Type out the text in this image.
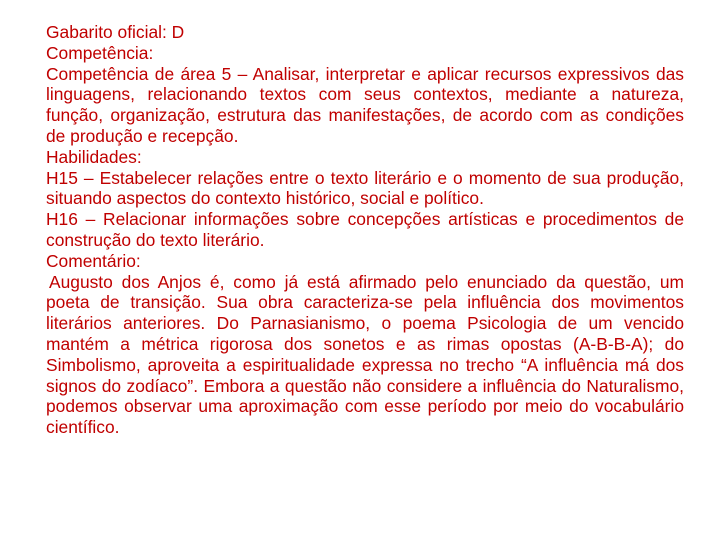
Gabarito oficial: D
Competência:
Competência de área 5 – Analisar, interpretar e aplicar recursos expressivos das linguagens, relacionando textos com seus contextos, mediante a natureza, função, organização, estrutura das manifestações, de acordo com as condições de produção e recepção.
Habilidades:
H15 – Estabelecer relações entre o texto literário e o momento de sua produção, situando aspectos do contexto histórico, social e político.
H16 – Relacionar informações sobre concepções artísticas e procedimentos de construção do texto literário.
Comentário:
Augusto dos Anjos é, como já está afirmado pelo enunciado da questão, um poeta de transição. Sua obra caracteriza-se pela influência dos movimentos literários anteriores. Do Parnasianismo, o poema Psicologia de um vencido mantém a métrica rigorosa dos sonetos e as rimas opostas (A-B-B-A); do Simbolismo, aproveita a espiritualidade expressa no trecho “A influência má dos signos do zodíaco”. Embora a questão não considere a influência do Naturalismo, podemos observar uma aproximação com esse período por meio do vocabulário científico.
